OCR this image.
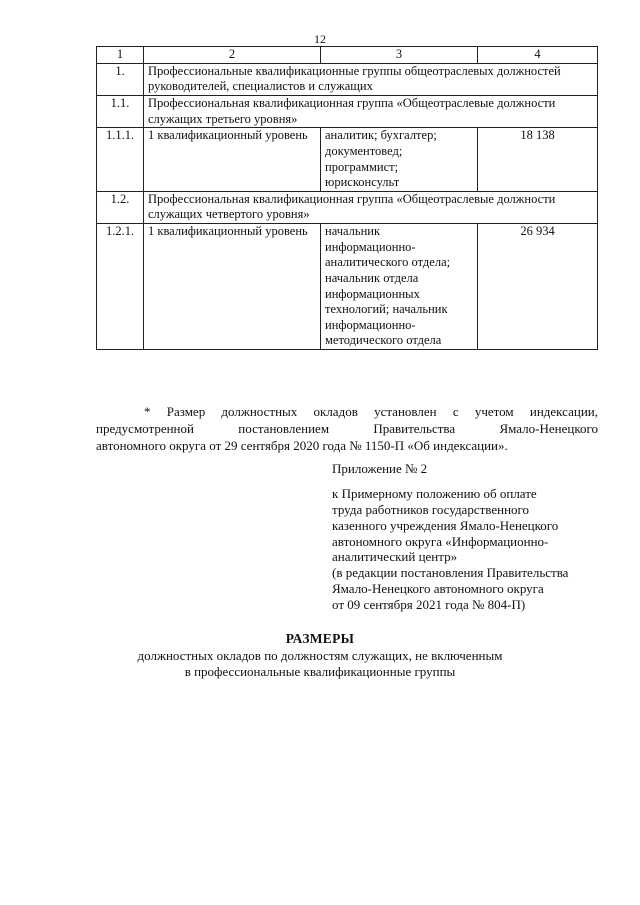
12
1	2	3	4
1.	Профессиональные квалификационные группы общеотраслевых должностей руководителей, специалистов и служащих		
1.1.	Профессиональная квалификационная группа «Общеотраслевые должности служащих третьего уровня»		
1.1.1.	1 квалификационный уровень	аналитик; бухгалтер; документовед; программист; юрисконсульт	18 138
1.2.	Профессиональная квалификационная группа «Общеотраслевые должности служащих четвертого уровня»		
1.2.1.	1 квалификационный уровень	начальник информационно-аналитического отдела; начальник отдела информационных технологий; начальник информационно-методического отдела	26 934

* Размер должностных окладов установлен с учетом индексации,

предусмотренной постановлением Правительства Ямало-Ненецкого

автономного округа от 29 сентября 2020 года № 1150-П «Об индексации».

Приложение № 2
к Примерному положению об оплате
труда работников государственного
казенного учреждения Ямало-Ненецкого
автономного округа «Информационно-
аналитический центр»
(в редакции постановления Правительства
Ямало-Ненецкого автономного округа
от 09 сентября 2021 года № 804-П)
РАЗМЕРЫ
должностных окладов по должностям служащих, не включенным
в профессиональные квалификационные группы
